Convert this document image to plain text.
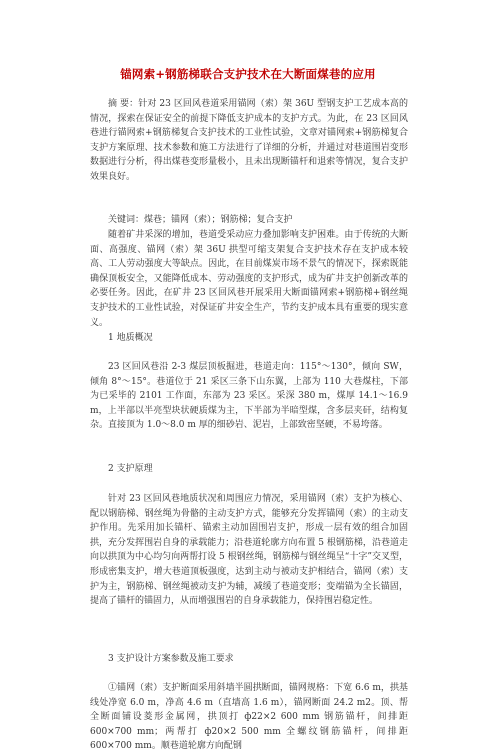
锚网索+钢筋梯联合支护技术在大断面煤巷的应用

摘 要：针对 23 区回风巷道采用锚网（索）架 36U 型钢支护工艺成本高的情况，探索在保证安全的前提下降低支护成本的支护方式。为此，在 23 区回风巷进行锚网索+钢筋梯复合支护技术的工业性试验，文章对锚网索+钢筋梯复合支护方案原理、技术参数和施工方法进行了详细的分析，并通过对巷道围岩变形数据进行分析，得出煤巷变形量极小，且未出现断锚杆和退索等情况，复合支护效果良好。

关键词：煤巷；锚网（索）；钢筋梯；复合支护

随着矿井采深的增加，巷道受采动应力叠加影响支护困难。由于传统的大断面、高强度、锚网（索）架 36U 拱型可缩支架复合支护技术存在支护成本较高、工人劳动强度大等缺点。因此，在目前煤炭市场不景气的情况下，探索既能确保顶板安全，又能降低成本、劳动强度的支护形式，成为矿井支护创新改革的必要任务。因此，在矿井 23 区回风巷开展采用大断面锚网索+钢筋梯+钢丝绳支护技术的工业性试验，对保证矿井安全生产，节约支护成本具有重要的现实意义。

1 地质概况

23 区回风巷沿 2-3 煤层顶板掘进，巷道走向：115°～130°，倾向 SW，倾角 8°～15°。巷道位于 21 采区三条下山东翼，上部为 110 大巷煤柱，下部为已采毕的 2101 工作面，东部为 23 采区。采深 380 m，煤厚 14.1～16.9 m，上半部以半亮型块状硬质煤为主，下半部为半暗型煤，含多层夹矸，结构复杂。直接顶为 1.0～8.0 m 厚的细砂岩、泥岩，上部致密坚硬，不易垮落。

2 支护原理

针对 23 区回风巷地质状况和周围应力情况，采用锚网（索）支护为核心、配以钢筋梯、钢丝绳为骨骼的主动支护方式，能够充分发挥锚网（索）的主动支护作用。先采用加长锚杆、锚索主动加固围岩支护，形成一层有效的组合加固拱，充分发挥围岩自身的承载能力；沿巷道轮廓方向布置 5 根钢筋梯，沿巷道走向以拱顶为中心均匀向两帮打设 5 根钢丝绳，钢筋梯与钢丝绳呈“十字”交叉型，形成密集支护，增大巷道顶板强度，达到主动与被动支护相结合，锚网（索）支护为主，钢筋梯、钢丝绳被动支护为辅，减缓了巷道变形；变端锚为全长锚固，提高了锚杆的锚固力，从而增强围岩的自身承载能力，保持围岩稳定性。

3 支护设计方案参数及施工要求

①锚网（索）支护断面采用斜墙半圆拱断面，锚网规格：下宽 6.6 m，拱基线处净宽 6.0 m，净高 4.6 m（直墙高 1.6 m），锚网断面 24.2 m2。顶、帮全断面铺设菱形金属网，拱顶打 ф22×2 600 mm 钢筋锚杆，间排距 600×700 mm；两帮打 ф20×2 500 mm 全螺纹钢筋锚杆，间排距 600×700 mm。顺巷道轮廓方向配钢
